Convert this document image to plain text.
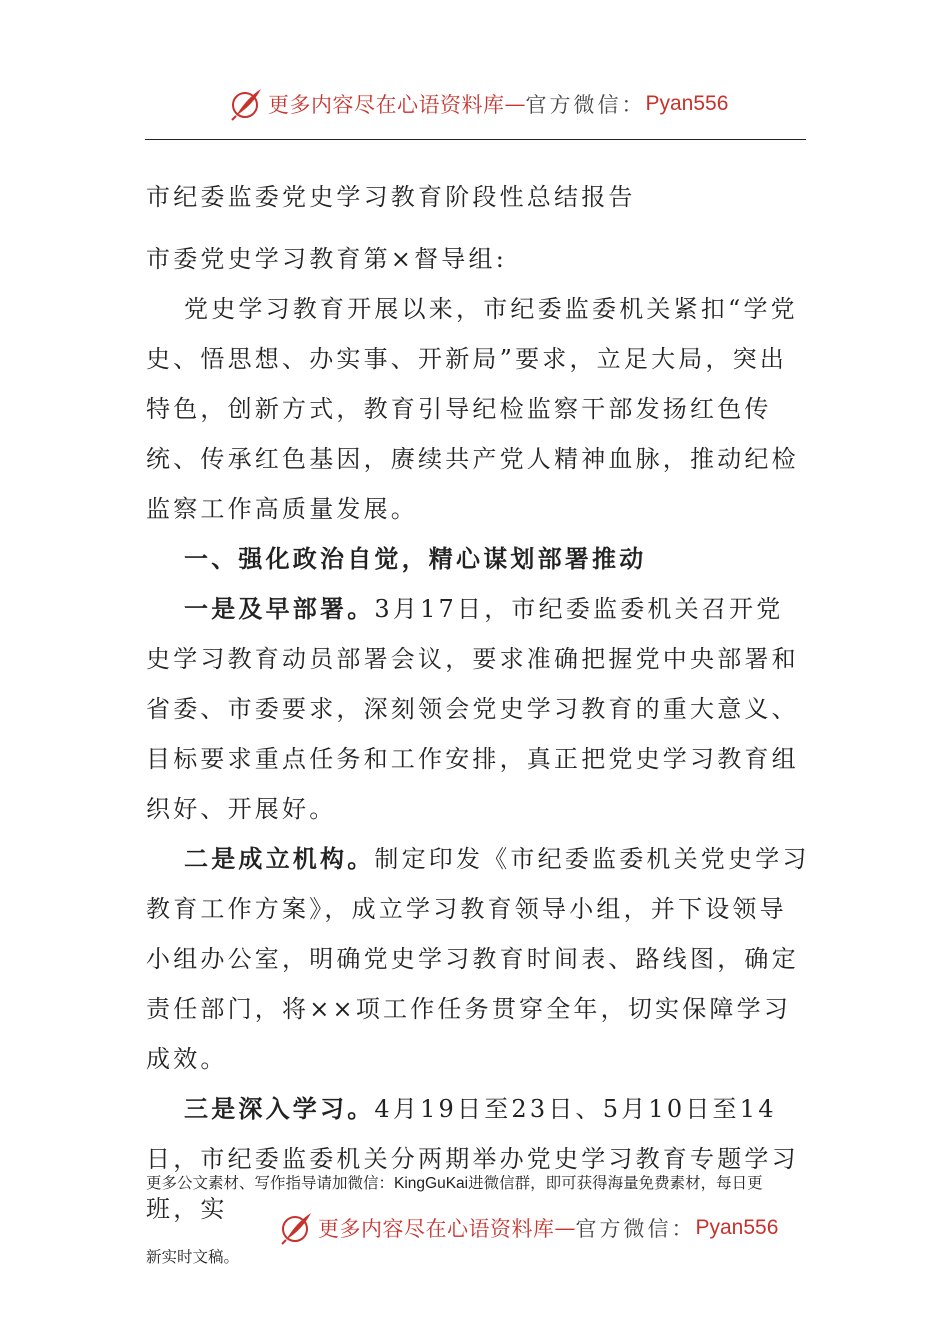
更多内容尽在心语资料库 — 官方微信： Pyan556

市纪委监委党史学习教育阶段性总结报告

市委党史学习教育第×督导组:

党史学习教育开展以来，市纪委监委机关紧扣“学党史、悟思想、办实事、开新局”要求，立足大局，突出特色，创新方式，教育引导纪检监察干部发扬红色传统、传承红色基因，赓续共产党人精神血脉，推动纪检监察工作高质量发展。

一、强化政治自觉，精心谋划部署推动

一是及早部署。3月17日，市纪委监委机关召开党史学习教育动员部署会议，要求准确把握党中央部署和省委、市委要求，深刻领会党史学习教育的重大意义、目标要求重点任务和工作安排，真正把党史学习教育组织好、开展好。

二是成立机构。制定印发《市纪委监委机关党史学习教育工作方案》，成立学习教育领导小组，并下设领导小组办公室，明确党史学习教育时间表、路线图，确定责任部门，将××项工作任务贯穿全年，切实保障学习成效。

三是深入学习。4月19日至23日、5月10日至14日，市纪委监委机关分两期举办党史学习教育专题学习班，实

更多公文素材、写作指导请加微信：KingGuKai进微信群，即可获得海量免费素材，每日更
更多内容尽在心语资料库 — 官方微信： Pyan556
新实时文稿。
